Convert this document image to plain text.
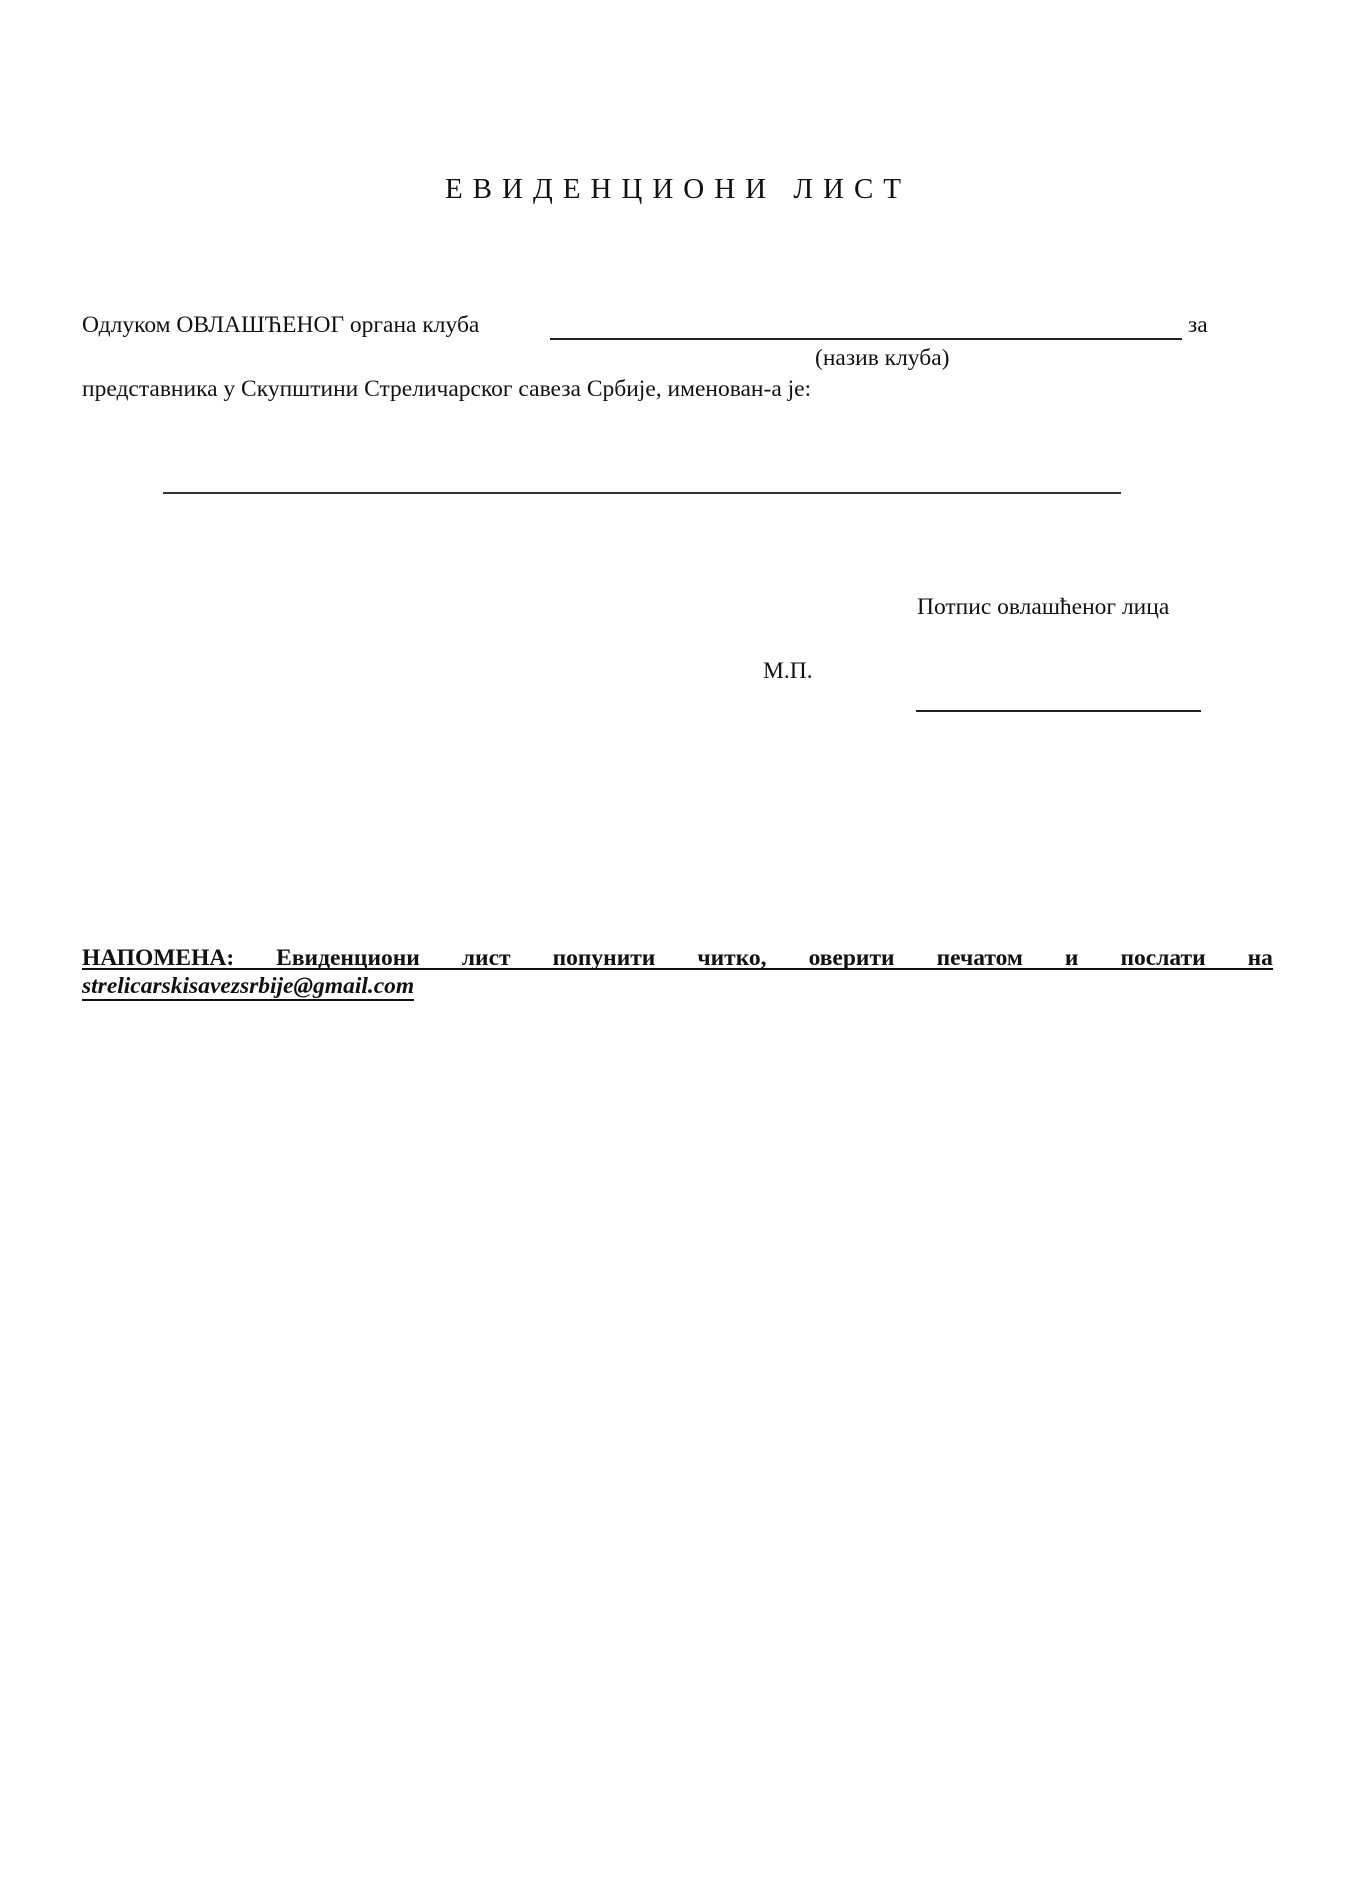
ЕВИДЕНЦИОНИ ЛИСТ
Одлуком ОВЛАШЋЕНОГ органа клуба	за
(назив клуба)
представника у Скупштини Стреличарског савеза Србије, именован-а је:
Потпис овлашћеног лица
М.П.
НАПОМЕНА: Евиденциони лист попунити читко, оверити печатом и послати на
strelicarskisavezsrbije@gmail.com
